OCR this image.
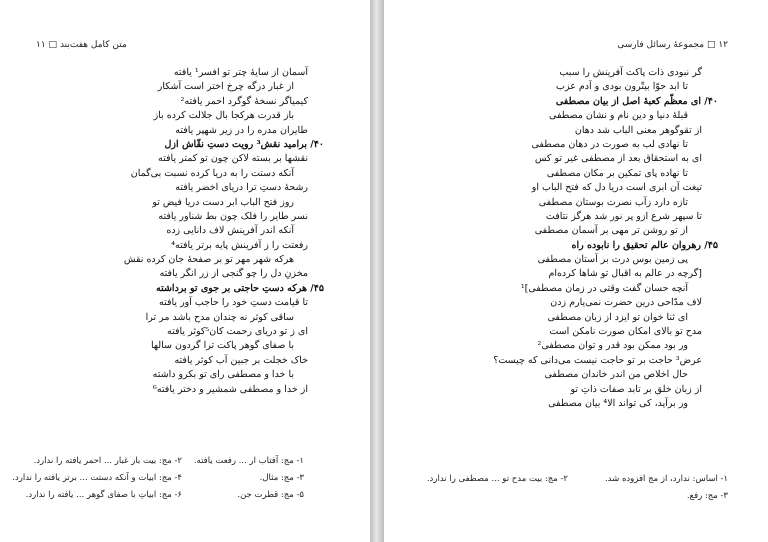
متن کامل هفت‌بند □ ۱۱
آسمان از سایهٔ چتر تو افسر¹ یافته
از غبار درگه چرخ اختر است آشکار
کیمیاگر نسخهٔ گوگرد احمر یافته²
باز قدرت هرکجا بال جلالت کرده باز
طایران مدره را در زیر شهپر یافته
۴۰/ برامید نقش³ رویت دستِ نقّاش ازل
نقشها بر بسته لاکن چون تو کمتر یافته
آنکه دستت را به دریا کرده نسبت بی‌گمان
رشحهٔ دستِ ترا دریای اخضر یافته
روز فتح الباب ابر دست دریا فیض تو
نسر طایر را فلک چون بط شناور یافته
آنکه اندر آفرینش لاف دانایی زده
رفعتت را ز آفرینش پایه برتر یافته⁴
هرکه شهر مهر تو بر صفحهٔ جان کرده نقش
مخزنِ دل را چو گنجی از زر انگر یافته
۴۵/ هرکه دستِ حاجتی بر جوی تو برداشته
تا قیامت دستِ خود را حاجب آور یافته
ساقی کوثر نه چندان مدح باشد مر ترا
ای ز تو دریای رحمت کان⁵کوثر یافته
با صفای گوهر پاکت ترا گردون سالها
خاک خجلت بر جبین آب کوثر یافته
با خدا و مصطفی رای تو بکرو داشته
از خدا و مصطفی شمشیر و دختر یافته⁶
۱- مج: آفتاب ار ... رفعت یافته.
۲- مج: بیت باز غبار ... احمر یافته را ندارد.
۳- مج: مثال.
۴- مج: ابیات و آنکه دستت ... برتر یافته را ندارد.
۵- مج: قطرت جن.
۶- مج: ابیاتِ با صفای گوهر ... یافته را ندارد.
۱۲ □ مجموعهٔ رسائل فارسی
گر نبودی ذات پاکت آفرینش را سبب
تا ابد حوّا بیتّرون بودی و آدم عزب
۴۰/ ای معظّم کعبهٔ اصل از بیان مصطفی
قبلهٔ دنیا و دین نام و نشان مصطفی
از تقوگوهر معنی الباب شد دهان
تا نهادی لب به صورت در دهان مصطفی
ای به استحقاق بعد از مصطفی غیر تو کس
تا نهاده پای تمکین بر مکان مصطفی
تیغت آن ابری است دریا دل که فتح الباب او
تازه دارد زآب نصرت بوستان مصطفی
تا سپهر شرع ازو پر نور شد هرگز نتافت
از تو روشن تر مهی بر آسمان مصطفی
۴۵/ رهروان عالم تحقیق را نابوده راه
پی زمین بوس درت بر آستان مصطفی
[گرچه در عالم به اقبال تو شاها کرده‌ام
آنچه حسان گفت وقتی در زمان مصطفی]¹
لاف مدّاحی درین حضرت نمی‌یارم زدن
ای ثنا خوان تو ایزد از زبان مصطفی
مدح تو بالای امکان صورت نامکن است
ور بود ممکن بود قدر و توان مصطفی²
عرض³ حاجت بر تو حاجت نیست می‌دانی که چیست؟
حال اخلاص من اندر خاندان مصطفی
از زبان خلق بر تابد صفات ذاتِ تو
ور برآید، کی تواند الا⁴ بیان مصطفی
۱- اساس: ندارد، از مج افزوده شد.
۲- مج: بیت مدح تو ... مصطفی را ندارد.
۳- مج: رفع.
